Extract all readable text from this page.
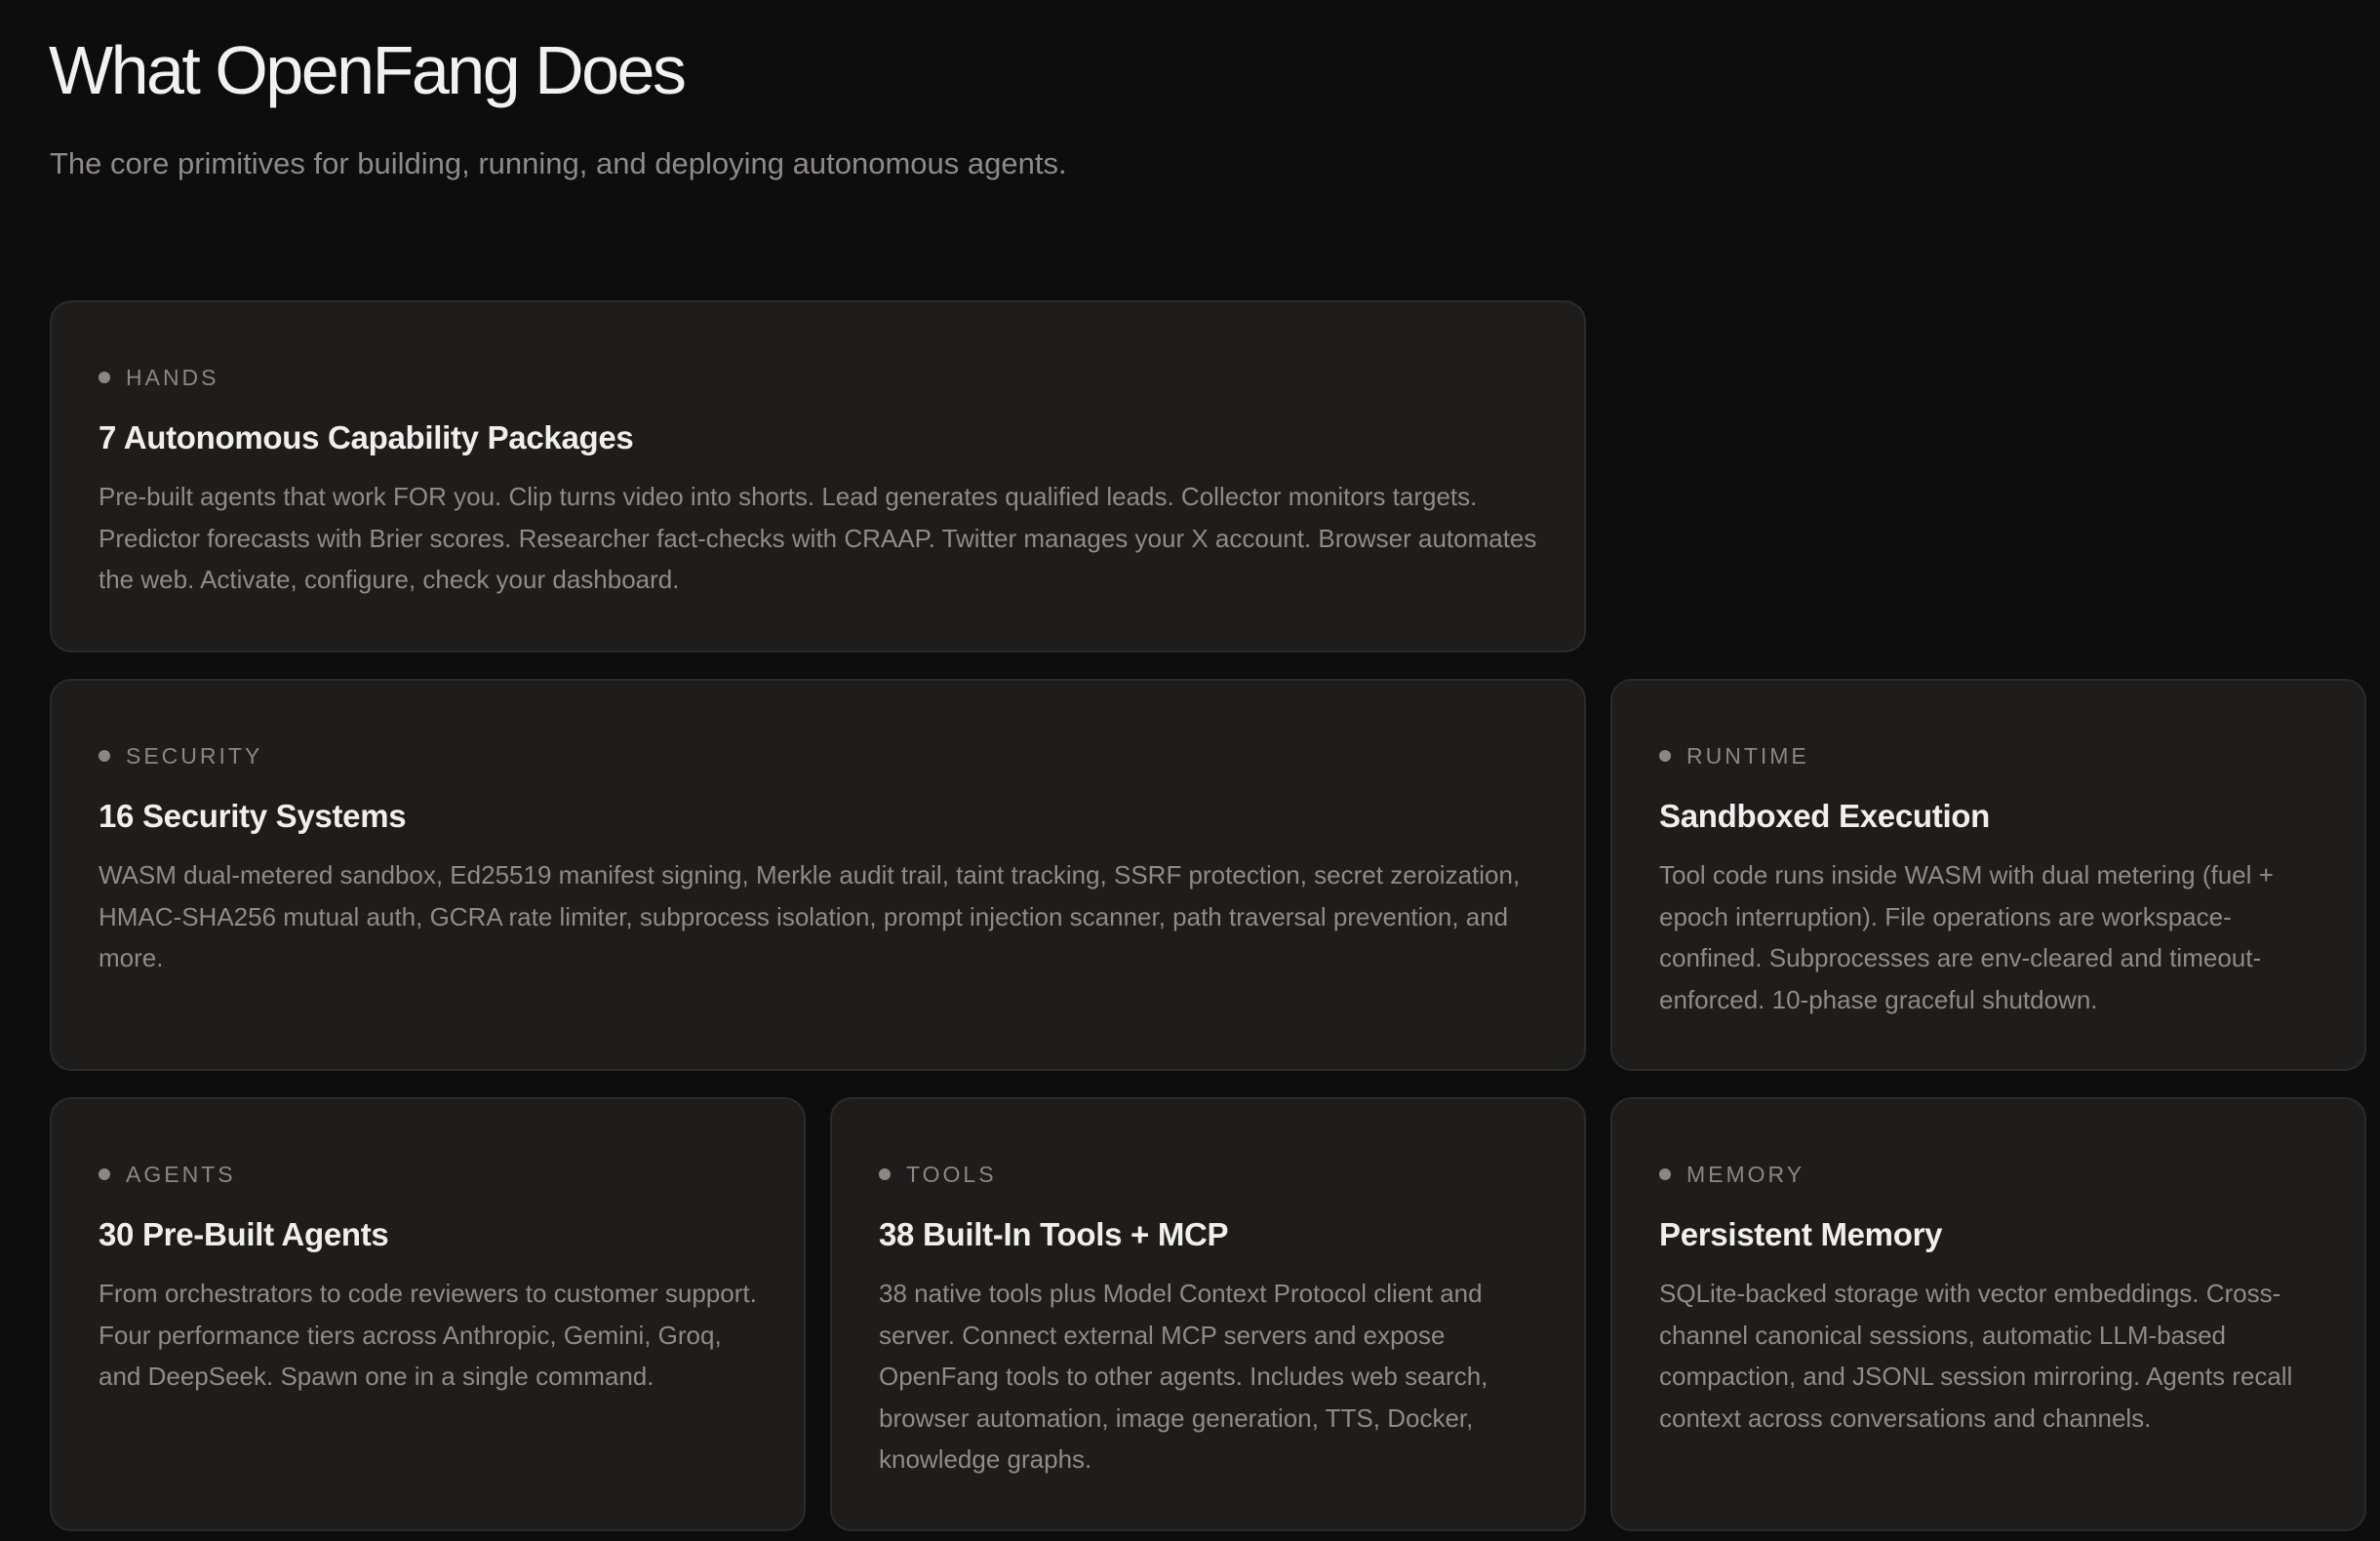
What OpenFang Does

The core primitives for building, running, and deploying autonomous agents.

HANDS
7 Autonomous Capability Packages

Pre-built agents that work FOR you. Clip turns video into shorts. Lead generates qualified leads. Collector monitors targets. Predictor forecasts with Brier scores. Researcher fact-checks with CRAAP. Twitter manages your X account. Browser automates the web. Activate, configure, check your dashboard.

SECURITY
16 Security Systems

WASM dual-metered sandbox, Ed25519 manifest signing, Merkle audit trail, taint tracking, SSRF protection, secret zeroization, HMAC-SHA256 mutual auth, GCRA rate limiter, subprocess isolation, prompt injection scanner, path traversal prevention, and more.

RUNTIME
Sandboxed Execution

Tool code runs inside WASM with dual metering (fuel + epoch interruption). File operations are workspace-confined. Subprocesses are env-cleared and timeout-enforced. 10-phase graceful shutdown.

AGENTS
30 Pre-Built Agents

From orchestrators to code reviewers to customer support. Four performance tiers across Anthropic, Gemini, Groq, and DeepSeek. Spawn one in a single command.

TOOLS
38 Built-In Tools + MCP

38 native tools plus Model Context Protocol client and server. Connect external MCP servers and expose OpenFang tools to other agents. Includes web search, browser automation, image generation, TTS, Docker, knowledge graphs.

MEMORY
Persistent Memory

SQLite-backed storage with vector embeddings. Cross-channel canonical sessions, automatic LLM-based compaction, and JSONL session mirroring. Agents recall context across conversations and channels.
